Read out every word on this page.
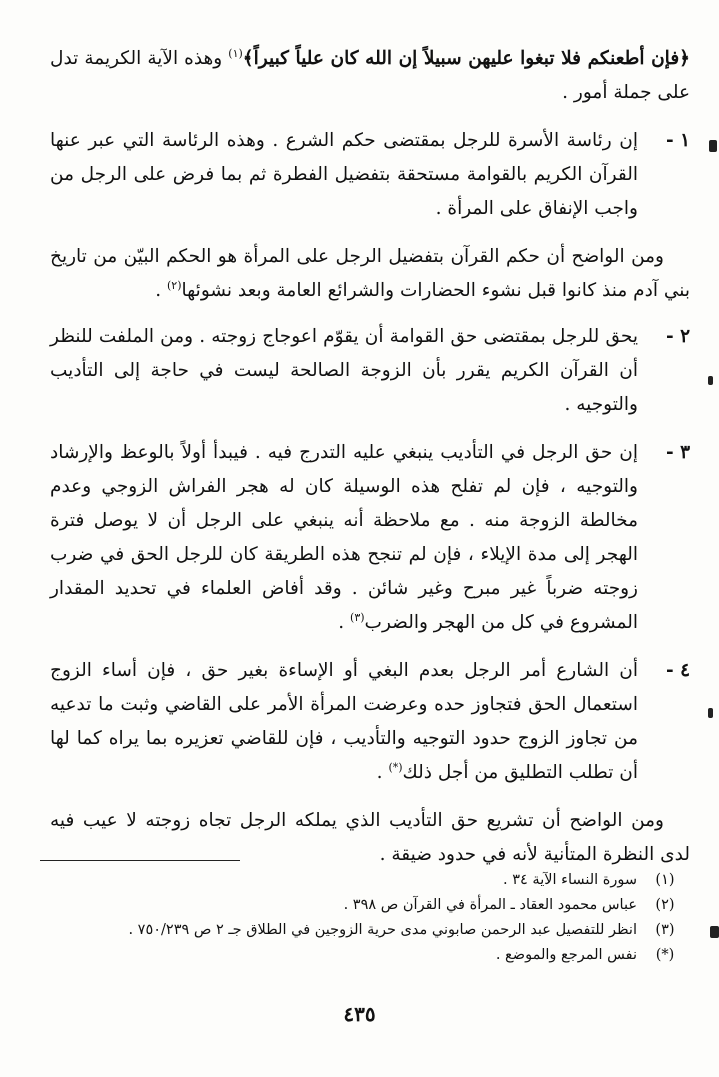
﴿فإن أطعنكم فلا تبغوا عليهن سبيلاً إن الله كان علياً كبيراً﴾$^{(١)}$ وهذه الآية الكريمة تدل على جملة أمور .

١ -
إن رئاسة الأسرة للرجل بمقتضى حكم الشرع . وهذه الرئاسة التي عبر عنها القرآن الكريم بالقوامة مستحقة بتفضيل الفطرة ثم بما فرض على الرجل من واجب الإنفاق على المرأة .

ومن الواضح أن حكم القرآن بتفضيل الرجل على المرأة هو الحكم البيّن من تاريخ بني آدم منذ كانوا قبل نشوء الحضارات والشرائع العامة وبعد نشوئها$^{(٢)}$ .

٢ -
يحق للرجل بمقتضى حق القوامة أن يقوّم اعوجاج زوجته . ومن الملفت للنظر أن القرآن الكريم يقرر بأن الزوجة الصالحة ليست في حاجة إلى التأديب والتوجيه .
٣ -
إن حق الرجل في التأديب ينبغي عليه التدرج فيه . فيبدأ أولاً بالوعظ والإرشاد والتوجيه ، فإن لم تفلح هذه الوسيلة كان له هجر الفراش الزوجي وعدم مخالطة الزوجة منه . مع ملاحظة أنه ينبغي على الرجل أن لا يوصل فترة الهجر إلى مدة الإيلاء ، فإن لم تنجح هذه الطريقة كان للرجل الحق في ضرب زوجته ضرباً غير مبرح وغير شائن . وقد أفاض العلماء في تحديد المقدار المشروع في كل من الهجر والضرب$^{(٣)}$ .
٤ -
أن الشارع أمر الرجل بعدم البغي أو الإساءة بغير حق ، فإن أساء الزوج استعمال الحق فتجاوز حده وعرضت المرأة الأمر على القاضي وثبت ما تدعيه من تجاوز الزوج حدود التوجيه والتأديب ، فإن للقاضي تعزيره بما يراه كما لها أن تطلب التطليق من أجل ذلك(*) .

ومن الواضح أن تشريع حق التأديب الذي يملكه الرجل تجاه زوجته لا عيب فيه لدى النظرة المتأنية لأنه في حدود ضيقة .

(١)
سورة النساء الآية ٣٤ .
(٢)
عباس محمود العقاد ـ المرأة في القرآن ص ٣٩٨ .
(٣)
انظر للتفصيل عبد الرحمن صابوني مدى حرية الزوجين في الطلاق جـ ٢ ص ٧٥٠/٢٣٩ .
(*)
نفس المرجع والموضع .
٤٣٥
